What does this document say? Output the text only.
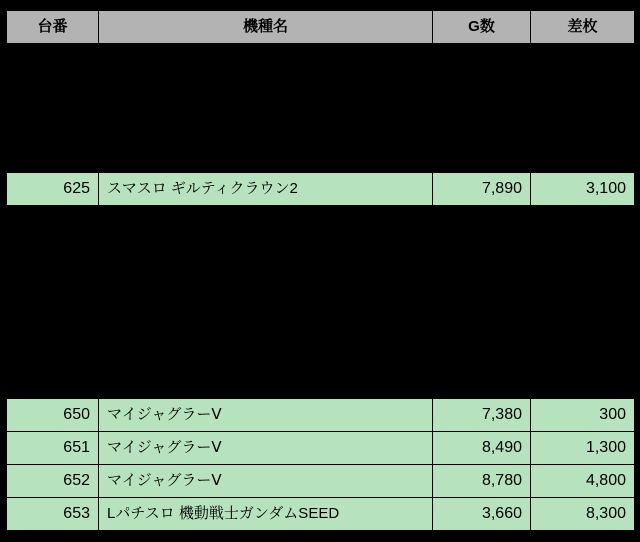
台番	機種名	G数	差枚

625	スマスロ ギルティクラウン2	7,890	3,100

650	マイジャグラーⅤ	7,380	300
651	マイジャグラーⅤ	8,490	1,300
652	マイジャグラーⅤ	8,780	4,800
653	Lパチスロ 機動戦士ガンダムSEED	3,660	8,300
